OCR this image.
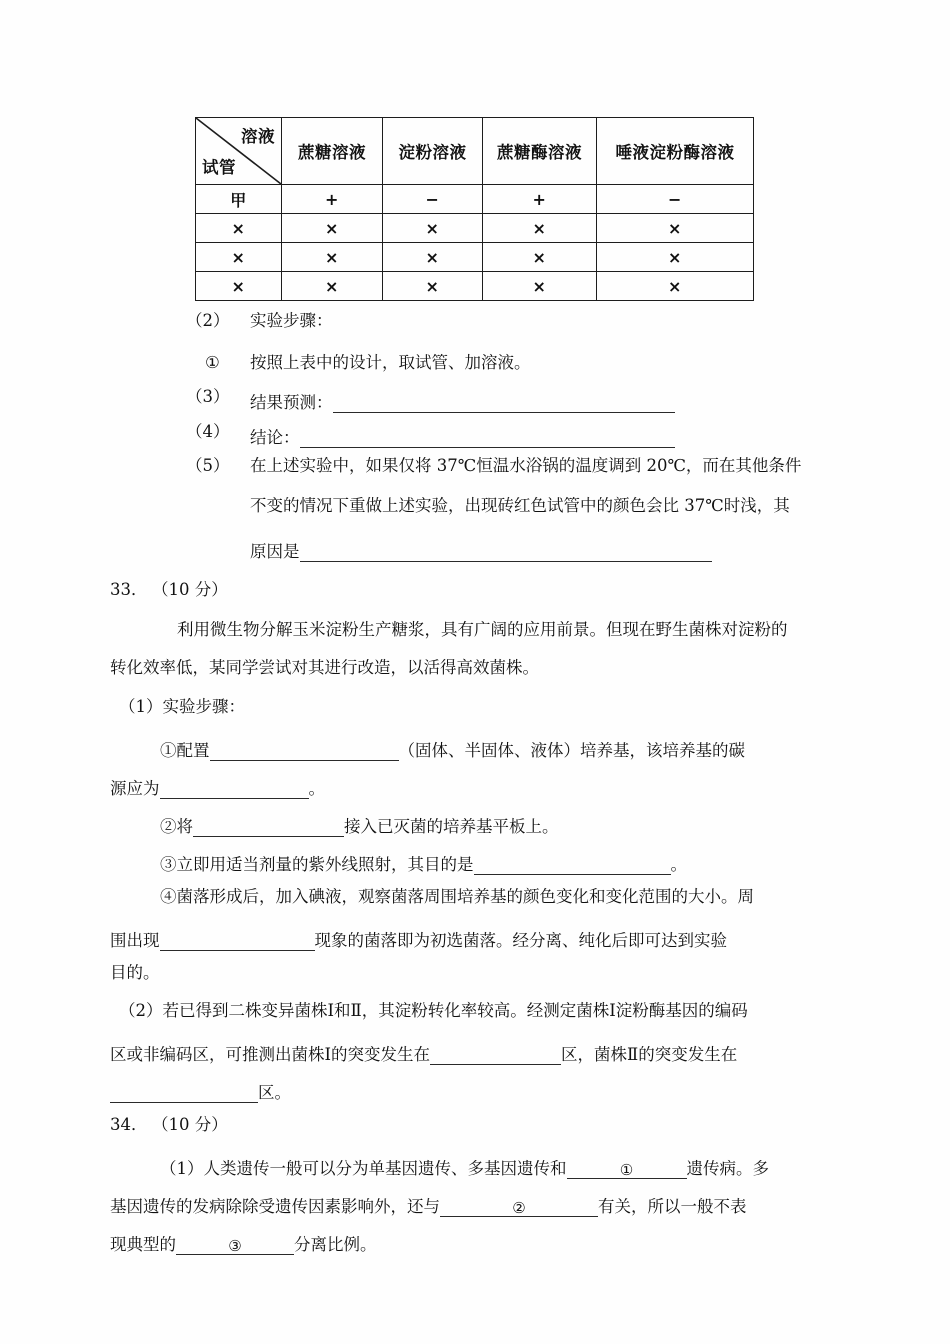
溶液
试管	蔗糖溶液	淀粉溶液	蔗糖酶溶液	唾液淀粉酶溶液
甲	+	−	+	−
×	×	×	×	×
×	×	×	×	×
×	×	×	×	×
（2） 实验步骤：
① 按照上表中的设计，取试管、加溶液。
（3） 结果预测：
（4） 结论：
（5） 在上述实验中，如果仅将 37℃恒温水浴锅的温度调到 20℃，而在其他条件
不变的情况下重做上述实验，出现砖红色试管中的颜色会比 37℃时浅，其
原因是
33． （10 分）
利用微生物分解玉米淀粉生产糖浆，具有广阔的应用前景。但现在野生菌株对淀粉的
转化效率低，某同学尝试对其进行改造，以活得高效菌株。
（1）实验步骤：
①配置	（固体、半固体、液体）培养基，该培养基的碳
源应为	。
②将	接入已灭菌的培养基平板上。
③立即用适当剂量的紫外线照射，其目的是	。
④菌落形成后，加入碘液，观察菌落周围培养基的颜色变化和变化范围的大小。周
围出现	现象的菌落即为初选菌落。经分离、纯化后即可达到实验
目的。
（2）若已得到二株变异菌株Ⅰ和Ⅱ，其淀粉转化率较高。经测定菌株Ⅰ淀粉酶基因的编码
区或非编码区，可推测出菌株Ⅰ的突变发生在	区，菌株Ⅱ的突变发生在
区。
34． （10 分）
（1）人类遗传一般可以分为单基因遗传、多基因遗传和	①	遗传病。多
基因遗传的发病除除受遗传因素影响外，还与	②	有关，所以一般不表
现典型的	③	分离比例。
